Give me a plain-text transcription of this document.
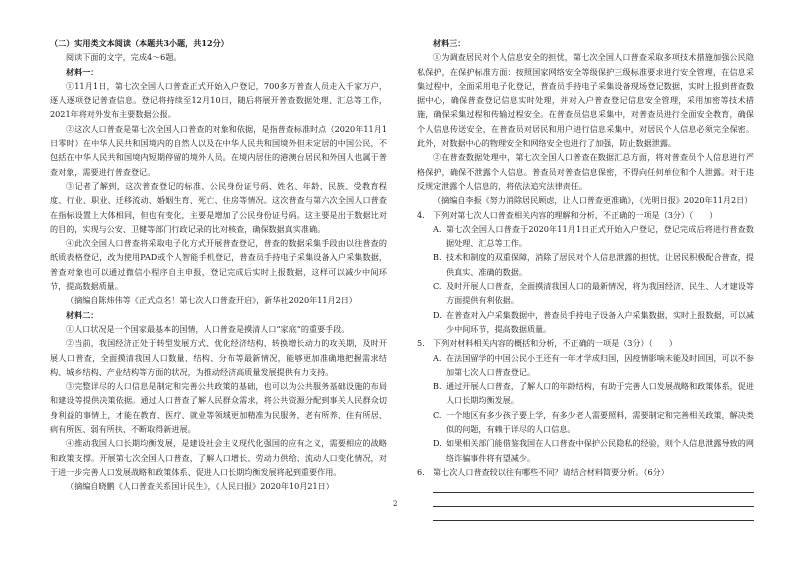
（二）实用类文本阅读（本题共3小题，共12分）

阅读下面的文字，完成4～6题。

材料一：

①11月1日，第七次全国人口普查正式开始入户登记，700多万普查人员走入千家万户，逐人逐项登记普查信息。登记将持续至12月10日，随后将展开普查数据处理、汇总等工作，2021年将对外发布主要数据公报。

②这次人口普查是第七次全国人口普查的对象和依据，是指普查标准时点（2020年11月1日零时）在中华人民共和国境内的自然人以及在中华人民共和国境外但未定居的中国公民，不包括在中华人民共和国境内短期停留的境外人员。在境内居住的港澳台居民和外国人也属于普查对象，需要进行普查登记。

③记者了解到，这次普查登记的标准、公民身份证号码、姓名、年龄、民族、受教育程度、行业、职业、迁移流动、婚姻生育、死亡、住房等情况。这次普查与第六次全国人口普查在指标设置上大体相同，但也有变化，主要是增加了公民身份证号码。这主要是出于数据比对的目的，实现与公安、卫健等部门行政记录的比对核查，确保数据真实准确。

④此次全国人口普查将采取电子化方式开展普查登记，普查的数据采集手段由以往普查的纸质表格登记，改为使用PAD或个人智能手机登记，普查员手持电子采集设备入户采集数据，普查对象也可以通过微信小程序自主申报，登记完成后实时上报数据，这样可以减少中间环节，提高数据质量。

（摘编自陈炜伟等《正式点名！第七次人口普查开启》，新华社2020年11月2日）

材料二：

①人口状况是一个国家最基本的国情，人口普查是摸清人口“家底”的重要手段。

②当前，我国经济正处于转型发展方式、优化经济结构、转换增长动力的攻关期，及时开展人口普查，全面摸清我国人口数量、结构、分布等最新情况，能够更加准确地把握需求结构、城乡结构、产业结构等方面的状况，为推动经济高质量发展提供有力支持。

③完整详尽的人口信息是制定和完善公共政策的基础，也可以为公共服务基础设施的布局和建设等提供决策依据。通过人口普查了解人民群众需求，将公共资源分配到事关人民群众切身利益的事情上，才能在教育、医疗、就业等领域更加精准为民服务，老有所养、住有所居、病有所医、弱有所扶、不断取得新进展。

④推动我国人口长期均衡发展，是建设社会主义现代化强国的应有之义，需要相应的战略和政策支撑。开展第七次全国人口普查，了解人口增长、劳动力供给、流动人口变化情况，对于进一步完善人口发展战略和政策体系、促进人口长期均衡发展将起到重要作用。

（摘编自晓鹏《人口普查关系国计民生》，《人民日报》2020年10月21日）

材料三：

①为调查居民对个人信息安全的担忧，第七次全国人口普查采取多项技术措施加强公民隐私保护，在保护标准方面：按照国家网络安全等级保护三级标准要求进行安全管理，在信息采集过程中，全面采用电子化登记，普查员手持电子采集设备现场登记数据，实时上报到普查数据中心，确保普查登记信息实时处理，并对入户普查登记信息安全管理，采用加密等技术措施，确保采集过程和传输过程安全。在普查员信息采集中，对普查员进行全面安全教育，确保个人信息传送安全，在普查员对居民和用户进行信息采集中，对居民个人信息必须完全保密。此外，对数据中心的物理安全和网络安全也进行了加强，防止数据泄露。

②在普查数据处理中，第七次全国人口普查在数据汇总方面，将对普查员个人信息进行严格保护，确保不泄露个人信息。普查员对普查信息保密，不得向任何单位和个人泄露。对于违反规定泄露个人信息的，将依法追究法律责任。

（摘编自李振《努力消除居民顾虑，让人口普查更准确》，《光明日报》2020年11月2日）

4.	下列对第七次人口普查相关内容的理解和分析，不正确的一项是（3分）（　　）
A. 第七次全国人口普查于2020年11月1日正式开始入户登记，登记完成后将进行普查数据处理、汇总等工作。
B. 技术和制度的双重保障，消除了居民对个人信息泄露的担忧，让居民积极配合普查，提供真实、准确的数据。
C. 及时开展人口普查，全面摸清我国人口的最新情况，将为我国经济、民生、人才建设等方面提供有利依据。
D. 在普查对入户采集数据中，普查员手持电子设备入户采集数据，实时上报数据，可以减少中间环节，提高数据质量。
5.	下列对材料相关内容的概括和分析，不正确的一项是（3分）（　　）
A. 在法国留学的中国公民小王还有一年才学成归国，因疫情影响未能及时回国，可以不参加第七次人口普查登记。
B. 通过开展人口普查，了解人口的年龄结构，有助于完善人口发展战略和政策体系，促进人口长期均衡发展。
C. 一个地区有多少孩子要上学，有多少老人需要照料，需要制定和完善相关政策，解决类似的问题，有赖于详尽的人口信息。
D. 如果相关部门能借鉴我国在人口普查中保护公民隐私的经验，则个人信息泄露导致的网络诈骗事件将有望减少。
6.	第七次人口普查较以往有哪些不同？请结合材料简要分析。（6分）
2
